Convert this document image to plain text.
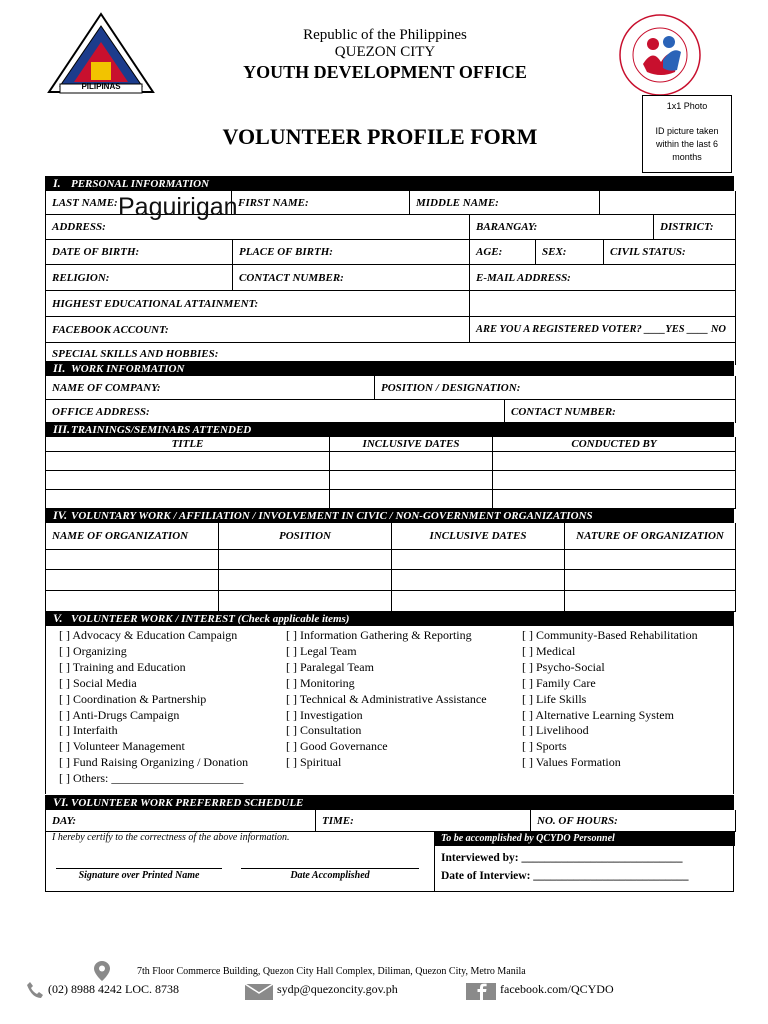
PILIPINAS
Republic of the Philippines
QUEZON CITY
YOUTH DEVELOPMENT OFFICE
1x1 Photo
ID picture taken within the last 6 months
VOLUNTEER PROFILE FORM
I. PERSONAL INFORMATION
LAST NAME:	FIRST NAME:	MIDDLE NAME:
Paguirigan
ADDRESS:	BARANGAY:	DISTRICT:
DATE OF BIRTH:	PLACE OF BIRTH:	AGE:	SEX:	CIVIL STATUS:
RELIGION:	CONTACT NUMBER:	E-MAIL ADDRESS:
HIGHEST EDUCATIONAL ATTAINMENT:
FACEBOOK ACCOUNT:	ARE YOU A REGISTERED VOTER? ____YES ____ NO
SPECIAL SKILLS AND HOBBIES:
II. WORK INFORMATION
NAME OF COMPANY:	POSITION / DESIGNATION:
OFFICE ADDRESS:	CONTACT NUMBER:
III.TRAININGS/SEMINARS ATTENDED
TITLE	INCLUSIVE DATES	CONDUCTED BY
IV. VOLUNTARY WORK / AFFILIATION / INVOLVEMENT IN CIVIC / NON-GOVERNMENT ORGANIZATIONS
NAME OF ORGANIZATION	POSITION	INCLUSIVE DATES	NATURE OF ORGANIZATION
V. VOLUNTEER WORK / INTEREST (Check applicable items)
[ ] Advocacy & Education Campaign
[ ] Organizing
[ ] Training and Education
[ ] Social Media
[ ] Coordination & Partnership
[ ] Anti-Drugs Campaign
[ ] Interfaith
[ ] Volunteer Management
[ ] Fund Raising Organizing / Donation
[ ] Others: ______________________
[ ] Information Gathering & Reporting
[ ] Legal Team
[ ] Paralegal Team
[ ] Monitoring
[ ] Technical & Administrative Assistance
[ ] Investigation
[ ] Consultation
[ ] Good Governance
[ ] Spiritual
[ ] Community-Based Rehabilitation
[ ] Medical
[ ] Psycho-Social
[ ] Family Care
[ ] Life Skills
[ ] Alternative Learning System
[ ] Livelihood
[ ] Sports
[ ] Values Formation
VI. VOLUNTEER WORK PREFERRED SCHEDULE
DAY:	TIME:	NO. OF HOURS:
I hereby certify to the correctness of the above information.
Signature over Printed Name	Date Accomplished
To be accomplished by QCYDO Personnel
Interviewed by: ____________________________
Date of Interview: ___________________________
7th Floor Commerce Building, Quezon City Hall Complex, Diliman, Quezon City, Metro Manila
(02) 8988 4242 LOC. 8738	sydp@quezoncity.gov.ph	facebook.com/QCYDO
